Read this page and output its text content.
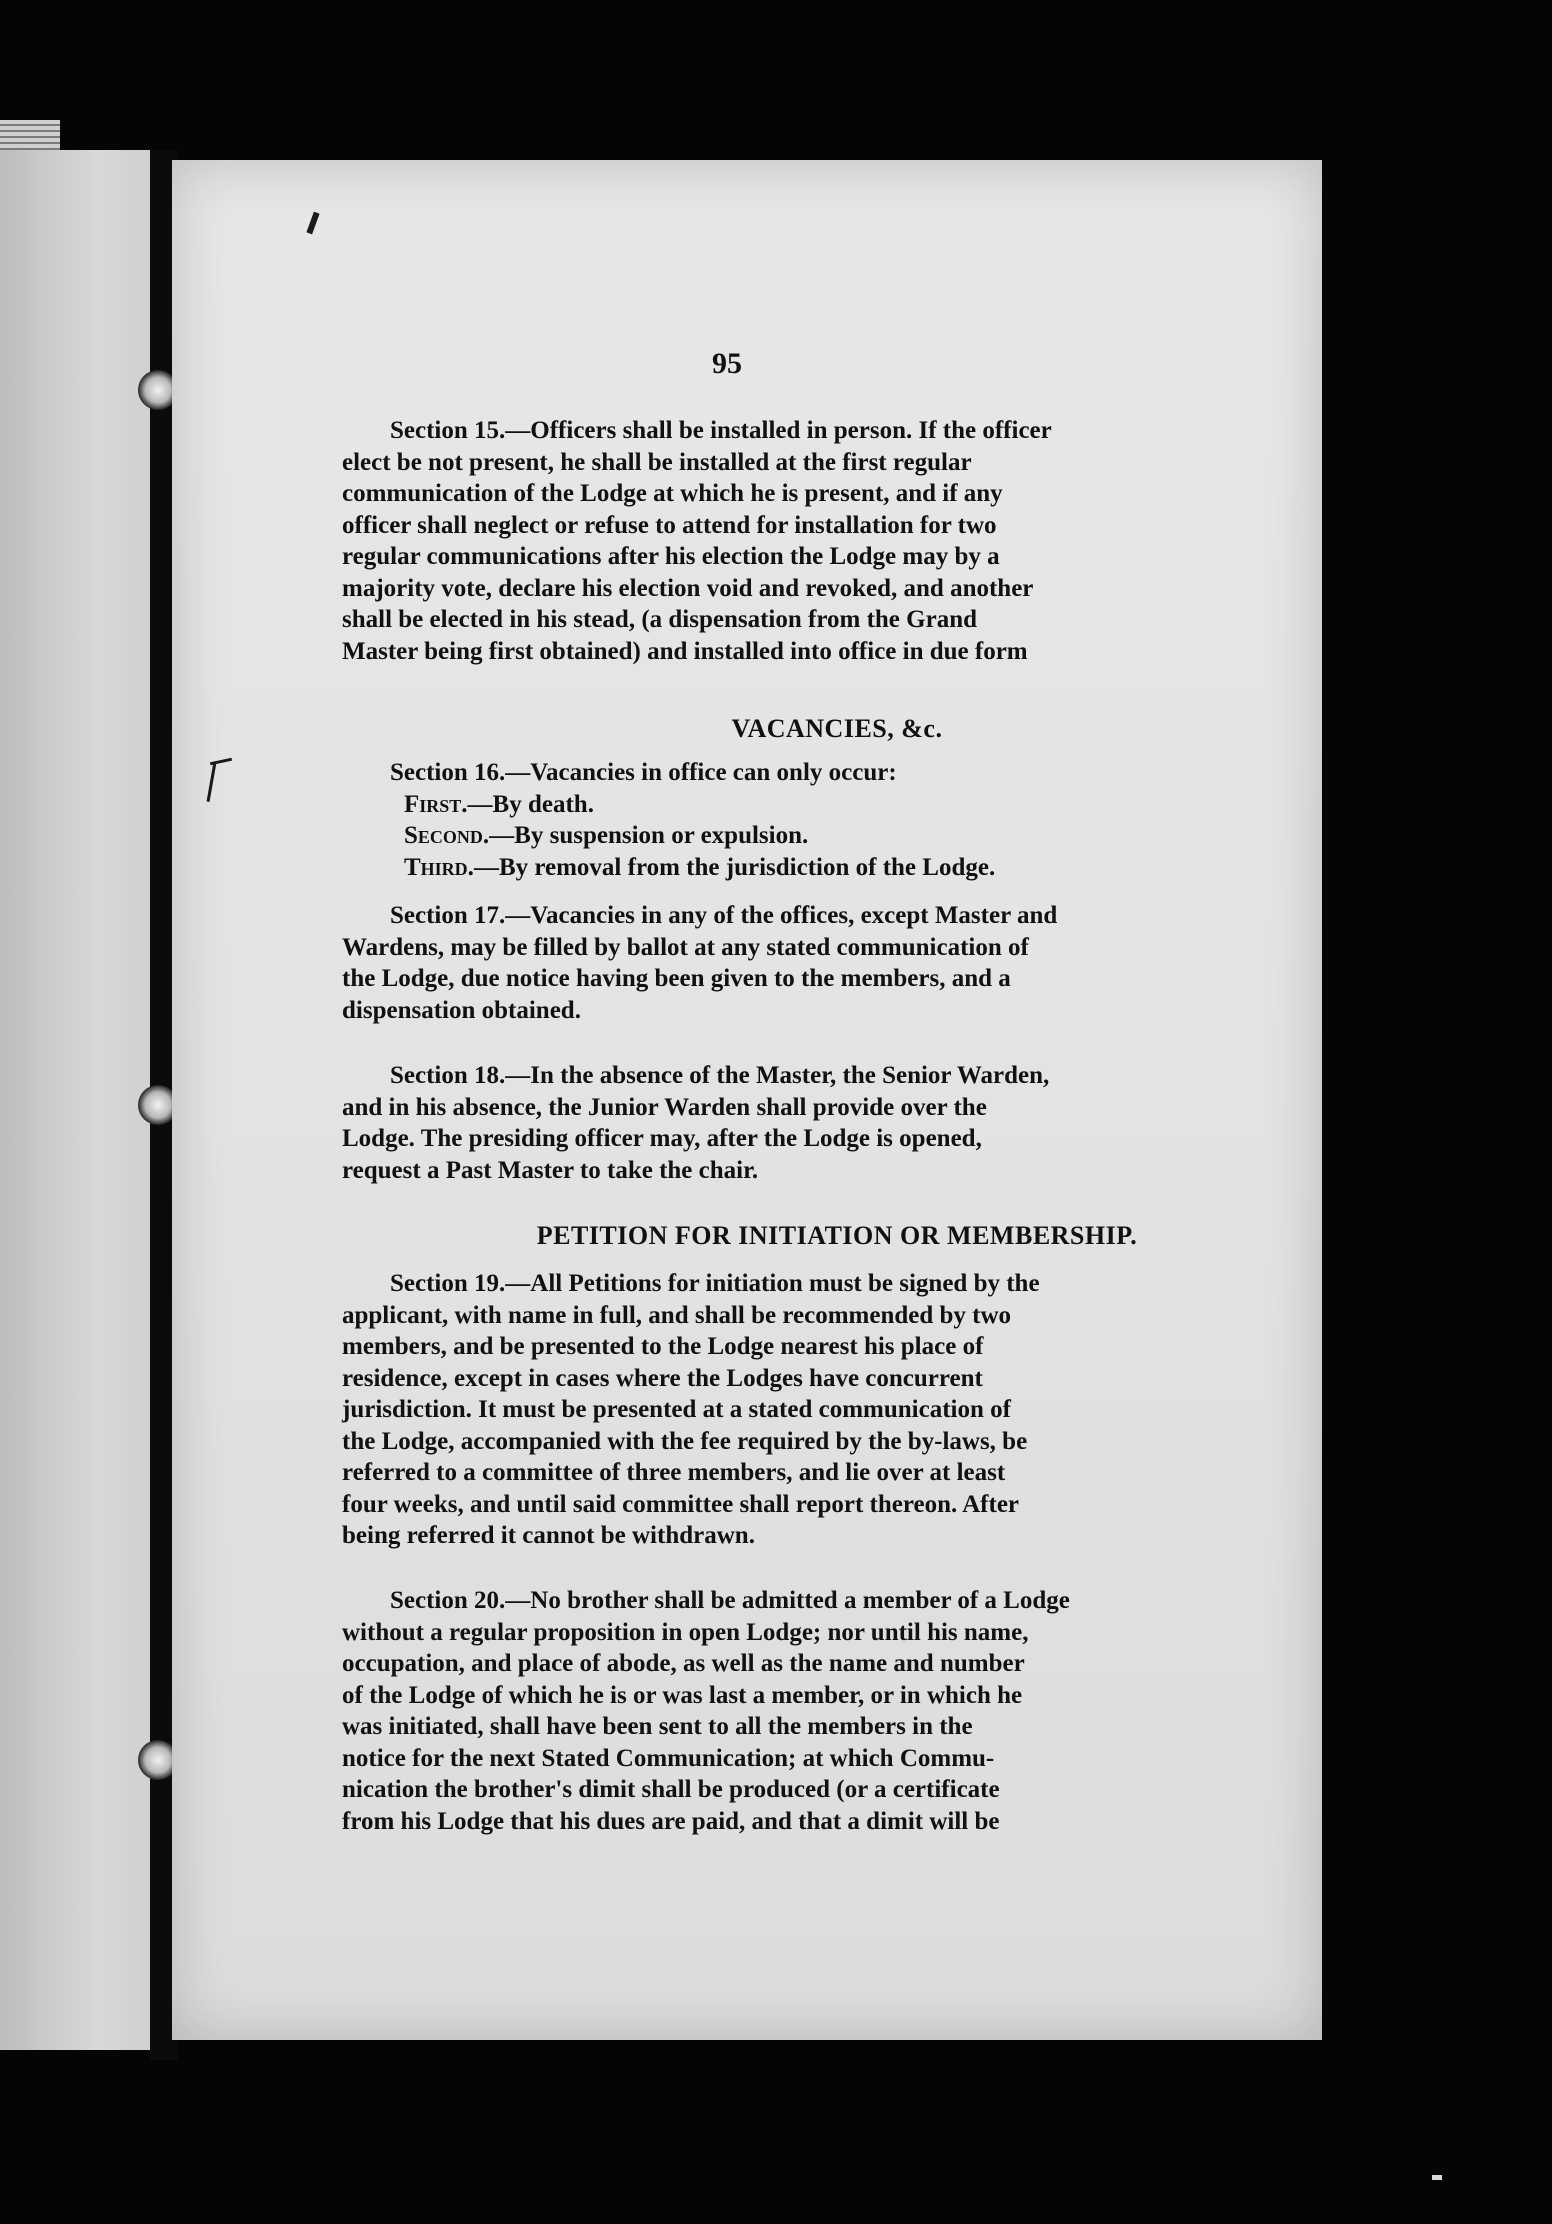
95
Section 15.—Officers shall be installed in person. If the officer
elect be not present, he shall be installed at the first regular
communication of the Lodge at which he is present, and if any
officer shall neglect or refuse to attend for installation for two
regular communications after his election the Lodge may by a
majority vote, declare his election void and revoked, and another
shall be elected in his stead, (a dispensation from the Grand
Master being first obtained) and installed into office in due form
VACANCIES, &c.
Section 16.—Vacancies in office can only occur:
First.—By death.
Second.—By suspension or expulsion.
Third.—By removal from the jurisdiction of the Lodge.
Section 17.—Vacancies in any of the offices, except Master and
Wardens, may be filled by ballot at any stated communication of
the Lodge, due notice having been given to the members, and a
dispensation obtained.
Section 18.—In the absence of the Master, the Senior Warden,
and in his absence, the Junior Warden shall provide over the
Lodge. The presiding officer may, after the Lodge is opened,
request a Past Master to take the chair.
PETITION FOR INITIATION OR MEMBERSHIP.
Section 19.—All Petitions for initiation must be signed by the
applicant, with name in full, and shall be recommended by two
members, and be presented to the Lodge nearest his place of
residence, except in cases where the Lodges have concurrent
jurisdiction. It must be presented at a stated communication of
the Lodge, accompanied with the fee required by the by-laws, be
referred to a committee of three members, and lie over at least
four weeks, and until said committee shall report thereon. After
being referred it cannot be withdrawn.
Section 20.—No brother shall be admitted a member of a Lodge
without a regular proposition in open Lodge; nor until his name,
occupation, and place of abode, as well as the name and number
of the Lodge of which he is or was last a member, or in which he
was initiated, shall have been sent to all the members in the
notice for the next Stated Communication; at which Commu-
nication the brother's dimit shall be produced (or a certificate
from his Lodge that his dues are paid, and that a dimit will be
